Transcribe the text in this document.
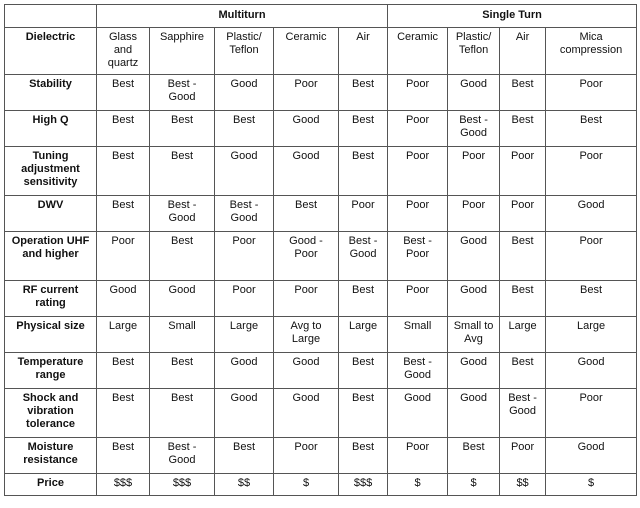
	Multiturn					Single Turn			
Dielectric	Glass and quartz	Sapphire	Plastic/ Teflon	Ceramic	Air	Ceramic	Plastic/ Teflon	Air	Mica compression
Stability	Best	Best - Good	Good	Poor	Best	Poor	Good	Best	Poor
High Q	Best	Best	Best	Good	Best	Poor	Best - Good	Best	Best
Tuning adjustment sensitivity	Best	Best	Good	Good	Best	Poor	Poor	Poor	Poor
DWV	Best	Best - Good	Best - Good	Best	Poor	Poor	Poor	Poor	Good
Operation UHF and higher	Poor	Best	Poor	Good - Poor	Best - Good	Best - Poor	Good	Best	Poor
RF current rating	Good	Good	Poor	Poor	Best	Poor	Good	Best	Best
Physical size	Large	Small	Large	Avg to Large	Large	Small	Small to Avg	Large	Large
Temperature range	Best	Best	Good	Good	Best	Best - Good	Good	Best	Good
Shock and vibration tolerance	Best	Best	Good	Good	Best	Good	Good	Best - Good	Poor
Moisture resistance	Best	Best - Good	Best	Poor	Best	Poor	Best	Poor	Good
Price	$$$	$$$	$$	$	$$$	$	$	$$	$
